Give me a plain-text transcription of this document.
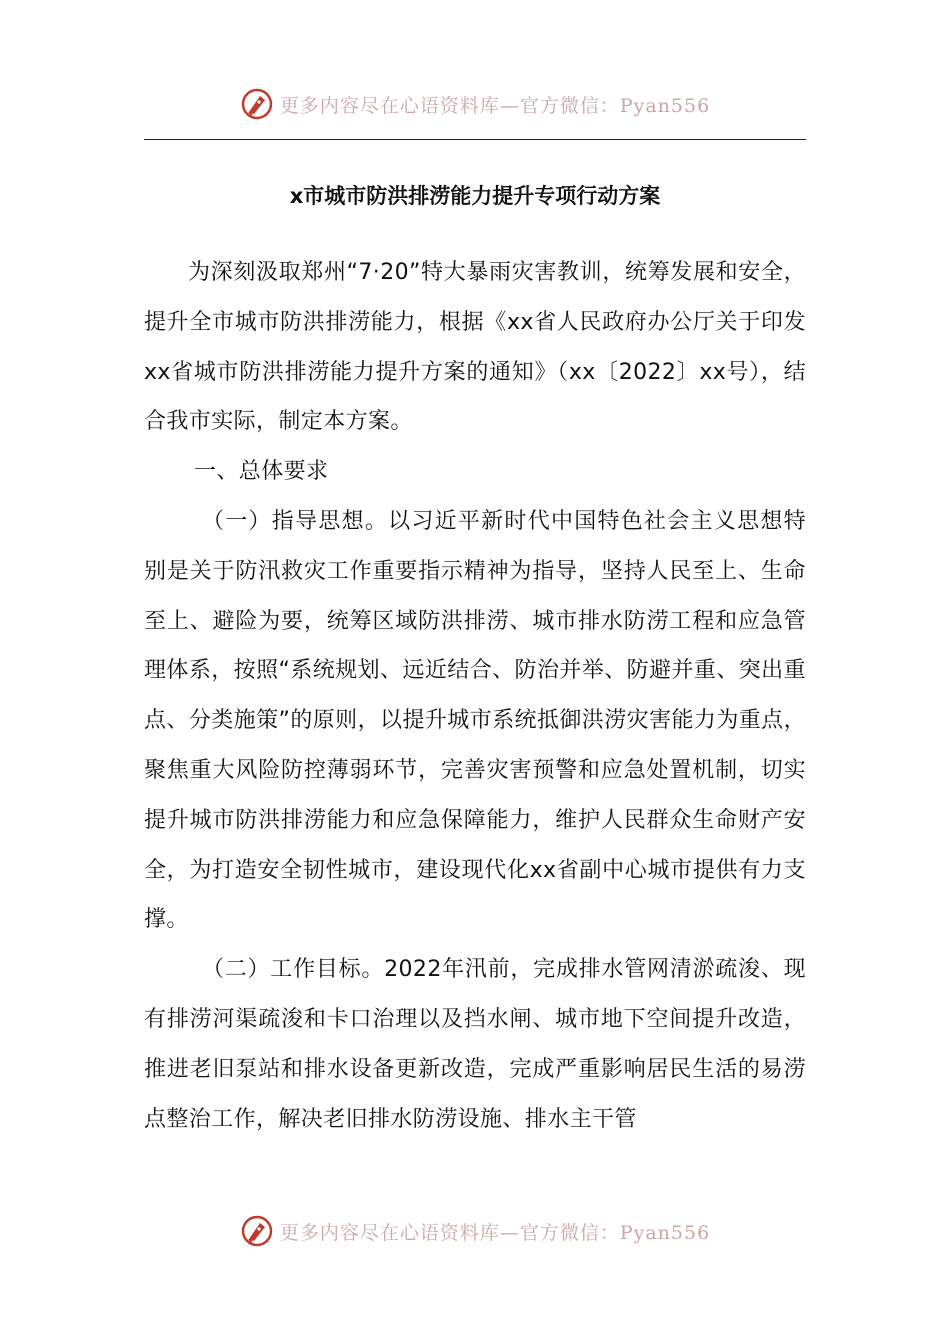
更多内容尽在心语资料库—官方微信：Pyan556
x市城市防洪排涝能力提升专项行动方案

为深刻汲取郑州“7·20”特大暴雨灾害教训，统筹发展和安全，提升全市城市防洪排涝能力，根据《xx省人民政府办公厅关于印发xx省城市防洪排涝能力提升方案的通知》（xx〔2022〕xx号），结合我市实际，制定本方案。

一、总体要求

（一）指导思想。以习近平新时代中国特色社会主义思想特别是关于防汛救灾工作重要指示精神为指导，坚持人民至上、生命至上、避险为要，统筹区域防洪排涝、城市排水防涝工程和应急管理体系，按照“系统规划、远近结合、防治并举、防避并重、突出重点、分类施策”的原则，以提升城市系统抵御洪涝灾害能力为重点，聚焦重大风险防控薄弱环节，完善灾害预警和应急处置机制，切实提升城市防洪排涝能力和应急保障能力，维护人民群众生命财产安全，为打造安全韧性城市，建设现代化xx省副中心城市提供有力支撑。

（二）工作目标。2022年汛前，完成排水管网清淤疏浚、现有排涝河渠疏浚和卡口治理以及挡水闸、城市地下空间提升改造，推进老旧泵站和排水设备更新改造，完成严重影响居民生活的易涝点整治工作，解决老旧排水防涝设施、排水主干管

更多内容尽在心语资料库—官方微信：Pyan556
